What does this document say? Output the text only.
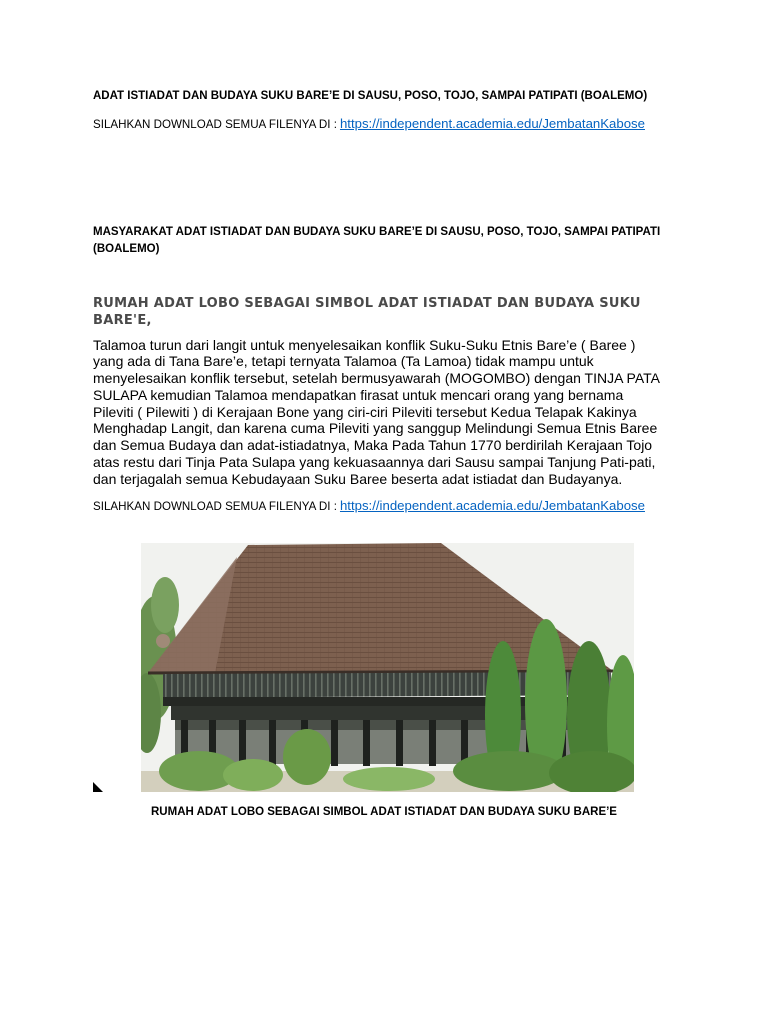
ADAT ISTIADAT DAN BUDAYA SUKU BARE’E DI SAUSU, POSO, TOJO, SAMPAI PATIPATI (BOALEMO)
SILAHKAN DOWNLOAD SEMUA FILENYA DI : https://independent.academia.edu/JembatanKabose
MASYARAKAT ADAT ISTIADAT DAN BUDAYA SUKU BARE’E DI SAUSU, POSO, TOJO, SAMPAI PATIPATI (BOALEMO)
RUMAH ADAT LOBO SEBAGAI SIMBOL ADAT ISTIADAT DAN BUDAYA SUKU BARE'E,
Talamoa turun dari langit untuk menyelesaikan konflik Suku-Suku Etnis Bare’e ( Baree )
yang ada di Tana Bare’e, tetapi ternyata Talamoa (Ta Lamoa) tidak mampu untuk
menyelesaikan konflik tersebut, setelah bermusyawarah (MOGOMBO) dengan TINJA PATA
SULAPA kemudian Talamoa mendapatkan firasat untuk mencari orang yang bernama
Pileviti ( Pilewiti ) di Kerajaan Bone yang ciri-ciri Pileviti tersebut Kedua Telapak Kakinya
Menghadap Langit, dan karena cuma Pileviti yang sanggup Melindungi Semua Etnis Baree
dan Semua Budaya dan adat-istiadatnya, Maka Pada Tahun 1770 berdirilah Kerajaan Tojo
atas restu dari Tinja Pata Sulapa yang kekuasaannya dari Sausu sampai Tanjung Pati-pati,
dan terjagalah semua Kebudayaan Suku Baree beserta adat istiadat dan Budayanya.
SILAHKAN DOWNLOAD SEMUA FILENYA DI : https://independent.academia.edu/JembatanKabose
RUMAH ADAT LOBO SEBAGAI SIMBOL ADAT ISTIADAT DAN BUDAYA SUKU BARE’E
